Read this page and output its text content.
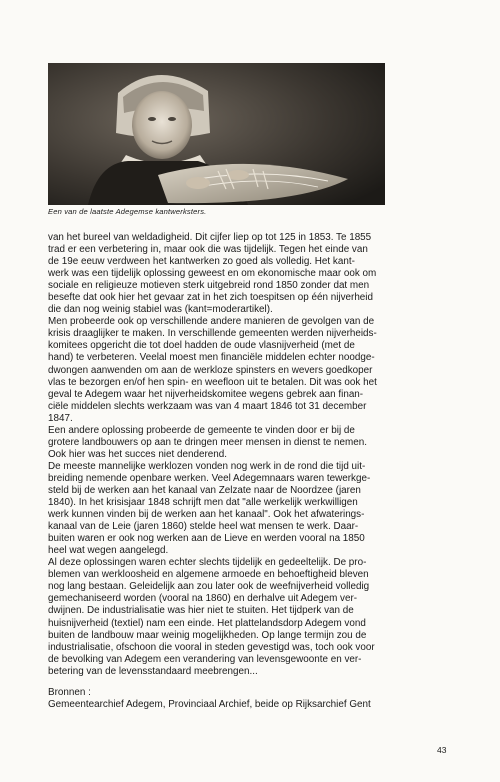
Een van de laatste Adegemse kantwerksters.
van het bureel van weldadigheid. Dit cijfer liep op tot 125 in 1853. Te 1855
trad er een verbetering in, maar ook die was tijdelijk. Tegen het einde van
de 19e eeuw verdween het kantwerken zo goed als volledig. Het kant-
werk was een tijdelijk oplossing geweest en om ekonomische maar ook om
sociale en religieuze motieven sterk uitgebreid rond 1850 zonder dat men
besefte dat ook hier het gevaar zat in het zich toespitsen op één nijverheid
die dan nog weinig stabiel was (kant=moderartikel).
Men probeerde ook op verschillende andere manieren de gevolgen van de
krisis draaglijker te maken. In verschillende gemeenten werden nijverheids-
komitees opgericht die tot doel hadden de oude vlasnijverheid (met de
hand) te verbeteren. Veelal moest men financiële middelen echter noodge-
dwongen aanwenden om aan de werkloze spinsters en wevers goedkoper
vlas te bezorgen en/of hen spin- en weefloon uit te betalen. Dit was ook het
geval te Adegem waar het nijverheidskomitee wegens gebrek aan finan-
ciële middelen slechts werkzaam was van 4 maart 1846 tot 31 december
1847.
Een andere oplossing probeerde de gemeente te vinden door er bij de
grotere landbouwers op aan te dringen meer mensen in dienst te nemen.
Ook hier was het succes niet denderend.
De meeste mannelijke werklozen vonden nog werk in de rond die tijd uit-
breiding nemende openbare werken. Veel Adegemnaars waren tewerkge-
steld bij de werken aan het kanaal van Zelzate naar de Noordzee (jaren
1840). In het krisisjaar 1848 schrijft men dat "alle werkelijk werkwilligen
werk kunnen vinden bij de werken aan het kanaal". Ook het afwaterings-
kanaal van de Leie (jaren 1860) stelde heel wat mensen te werk. Daar-
buiten waren er ook nog werken aan de Lieve en werden vooral na 1850
heel wat wegen aangelegd.
Al deze oplossingen waren echter slechts tijdelijk en gedeeltelijk. De pro-
blemen van werkloosheid en algemene armoede en behoeftigheid bleven
nog lang bestaan. Geleidelijk aan zou later ook de weefnijverheid volledig
gemechaniseerd worden (vooral na 1860) en derhalve uit Adegem ver-
dwijnen. De industrialisatie was hier niet te stuiten. Het tijdperk van de
huisnijverheid (textiel) nam een einde. Het plattelandsdorp Adegem vond
buiten de landbouw maar weinig mogelijkheden. Op lange termijn zou de
industrialisatie, ofschoon die vooral in steden gevestigd was, toch ook voor
de bevolking van Adegem een verandering van levensgewoonte en ver-
betering van de levensstandaard meebrengen...
Bronnen :
Gemeentearchief Adegem, Provinciaal Archief, beide op Rijksarchief Gent
43
